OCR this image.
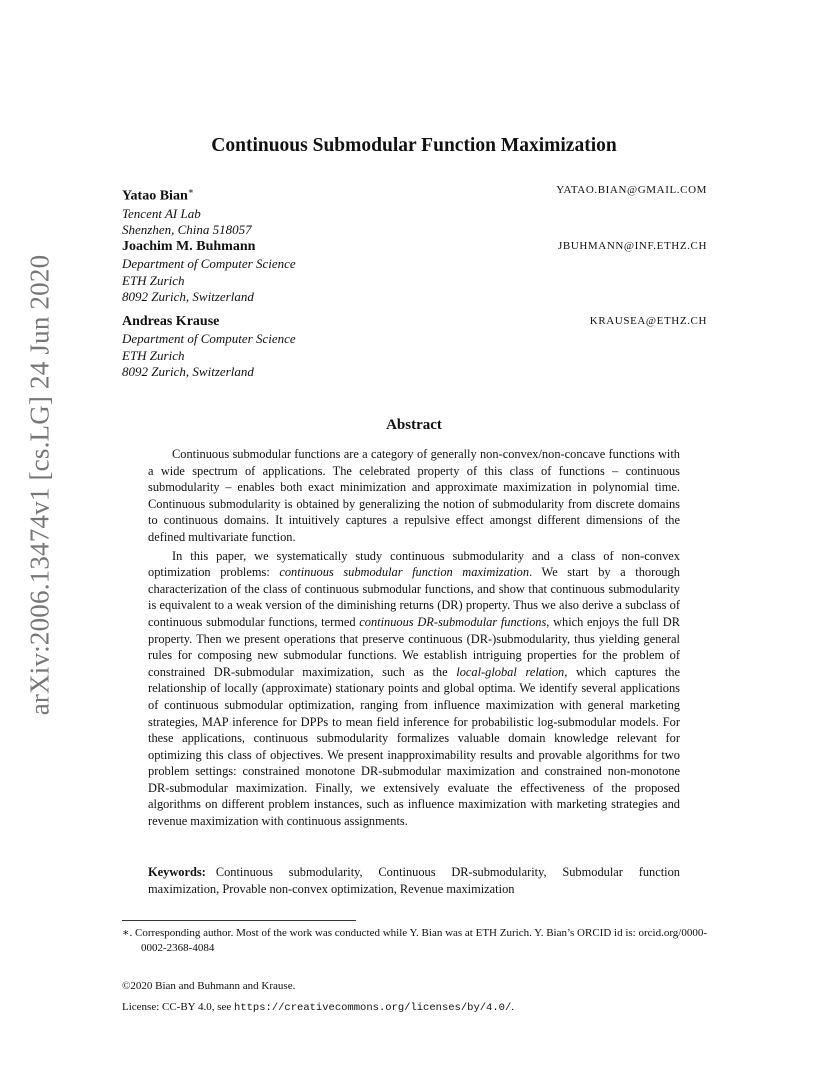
arXiv:2006.13474v1 [cs.LG] 24 Jun 2020
Continuous Submodular Function Maximization
Yatao Bian∗	YATAO.BIAN@GMAIL.COM
Tencent AI Lab
Shenzhen, China 518057
Joachim M. Buhmann	JBUHMANN@INF.ETHZ.CH
Department of Computer Science
ETH Zurich
8092 Zurich, Switzerland
Andreas Krause	KRAUSEA@ETHZ.CH
Department of Computer Science
ETH Zurich
8092 Zurich, Switzerland
Abstract

Continuous submodular functions are a category of generally non-convex/non-concave functions with a wide spectrum of applications. The celebrated property of this class of functions – continuous submodularity – enables both exact minimization and approximate maximization in polynomial time. Continuous submodularity is obtained by generalizing the notion of submodularity from discrete domains to continuous domains. It intuitively captures a repulsive effect amongst different dimensions of the defined multivariate function.

In this paper, we systematically study continuous submodularity and a class of non-convex optimization problems: continuous submodular function maximization. We start by a thorough characterization of the class of continuous submodular functions, and show that continuous submodularity is equivalent to a weak version of the diminishing returns (DR) property. Thus we also derive a subclass of continuous submodular functions, termed continuous DR-submodular functions, which enjoys the full DR property. Then we present operations that preserve continuous (DR-)submodularity, thus yielding general rules for composing new submodular functions. We establish intriguing properties for the problem of constrained DR-submodular maximization, such as the local-global relation, which captures the relationship of locally (approximate) stationary points and global optima. We identify several applications of continuous submodular optimization, ranging from influence maximization with general marketing strategies, MAP inference for DPPs to mean field inference for probabilistic log-submodular models. For these applications, continuous submodularity formalizes valuable domain knowledge relevant for optimizing this class of objectives. We present inapproximability results and provable algorithms for two problem settings: constrained monotone DR-submodular maximization and constrained non-monotone DR-submodular maximization. Finally, we extensively evaluate the effectiveness of the proposed algorithms on different problem instances, such as influence maximization with marketing strategies and revenue maximization with continuous assignments.

Keywords: Continuous submodularity, Continuous DR-submodularity, Submodular function maximization, Provable non-convex optimization, Revenue maximization
∗. Corresponding author. Most of the work was conducted while Y. Bian was at ETH Zurich. Y. Bian’s ORCID id is: orcid.org/0000-0002-2368-4084
©2020 Bian and Buhmann and Krause.
License: CC-BY 4.0, see https://creativecommons.org/licenses/by/4.0/.
